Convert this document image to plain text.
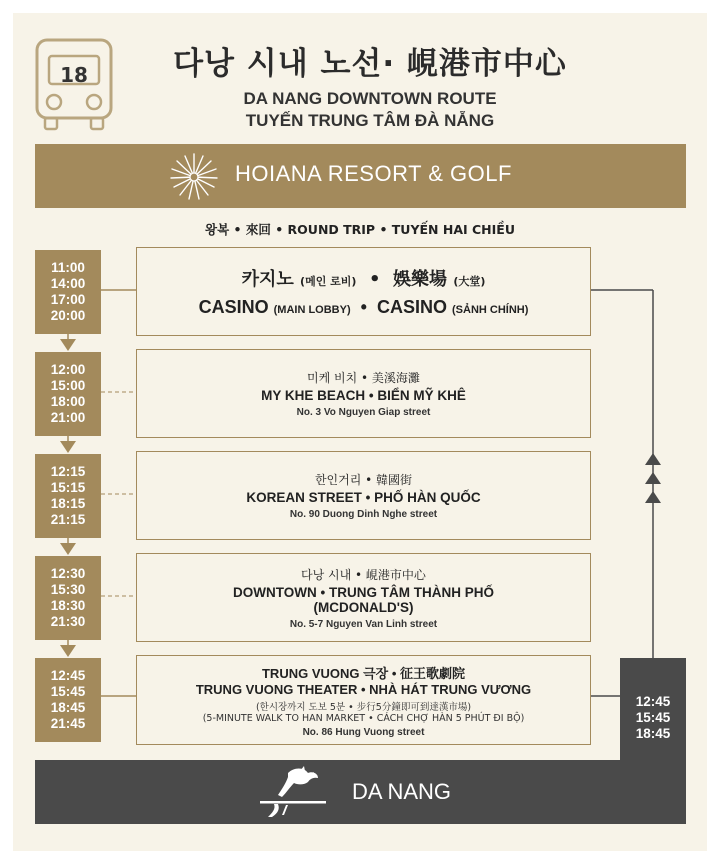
18	다낭 시내 노선· 峴港市中心
DA NANG DOWNTOWN ROUTE
TUYẾN TRUNG TÂM ĐÀ NẴNG
HOIANA RESORT & GOLF
왕복 • 來回 • ROUND TRIP • TUYẾN HAI CHIỀU
11:00
14:00
17:00
20:00
12:00
15:00
18:00
21:00
12:15
15:15
18:15
21:15
12:30
15:30
18:30
21:30
12:45
15:45
18:45
21:45
12:45
15:45
18:45
카지노 (메인 로비) • 娛樂場 (大堂)
CASINO (MAIN LOBBY) • CASINO (SẢNH CHÍNH)
미케 비치 • 美溪海灘
MY KHE BEACH • BIỂN MỸ KHÊ
No. 3 Vo Nguyen Giap street
한인거리 • 韓國街
KOREAN STREET • PHỐ HÀN QUỐC
No. 90 Duong Dinh Nghe street
다낭 시내 • 峴港市中心
DOWNTOWN • TRUNG TÂM THÀNH PHỐ
(MCDONALD'S)
No. 5-7 Nguyen Van Linh street
TRUNG VUONG 극장 • 征王歌劇院
TRUNG VUONG THEATER • NHÀ HÁT TRUNG VƯƠNG
(한시장까지 도보 5분 • 步行5分鐘即可到達漢市場)
(5-MINUTE WALK TO HAN MARKET • CÁCH CHỢ HÀN 5 PHÚT ĐI BỘ)
No. 86 Hung Vuong street
DA NANG
